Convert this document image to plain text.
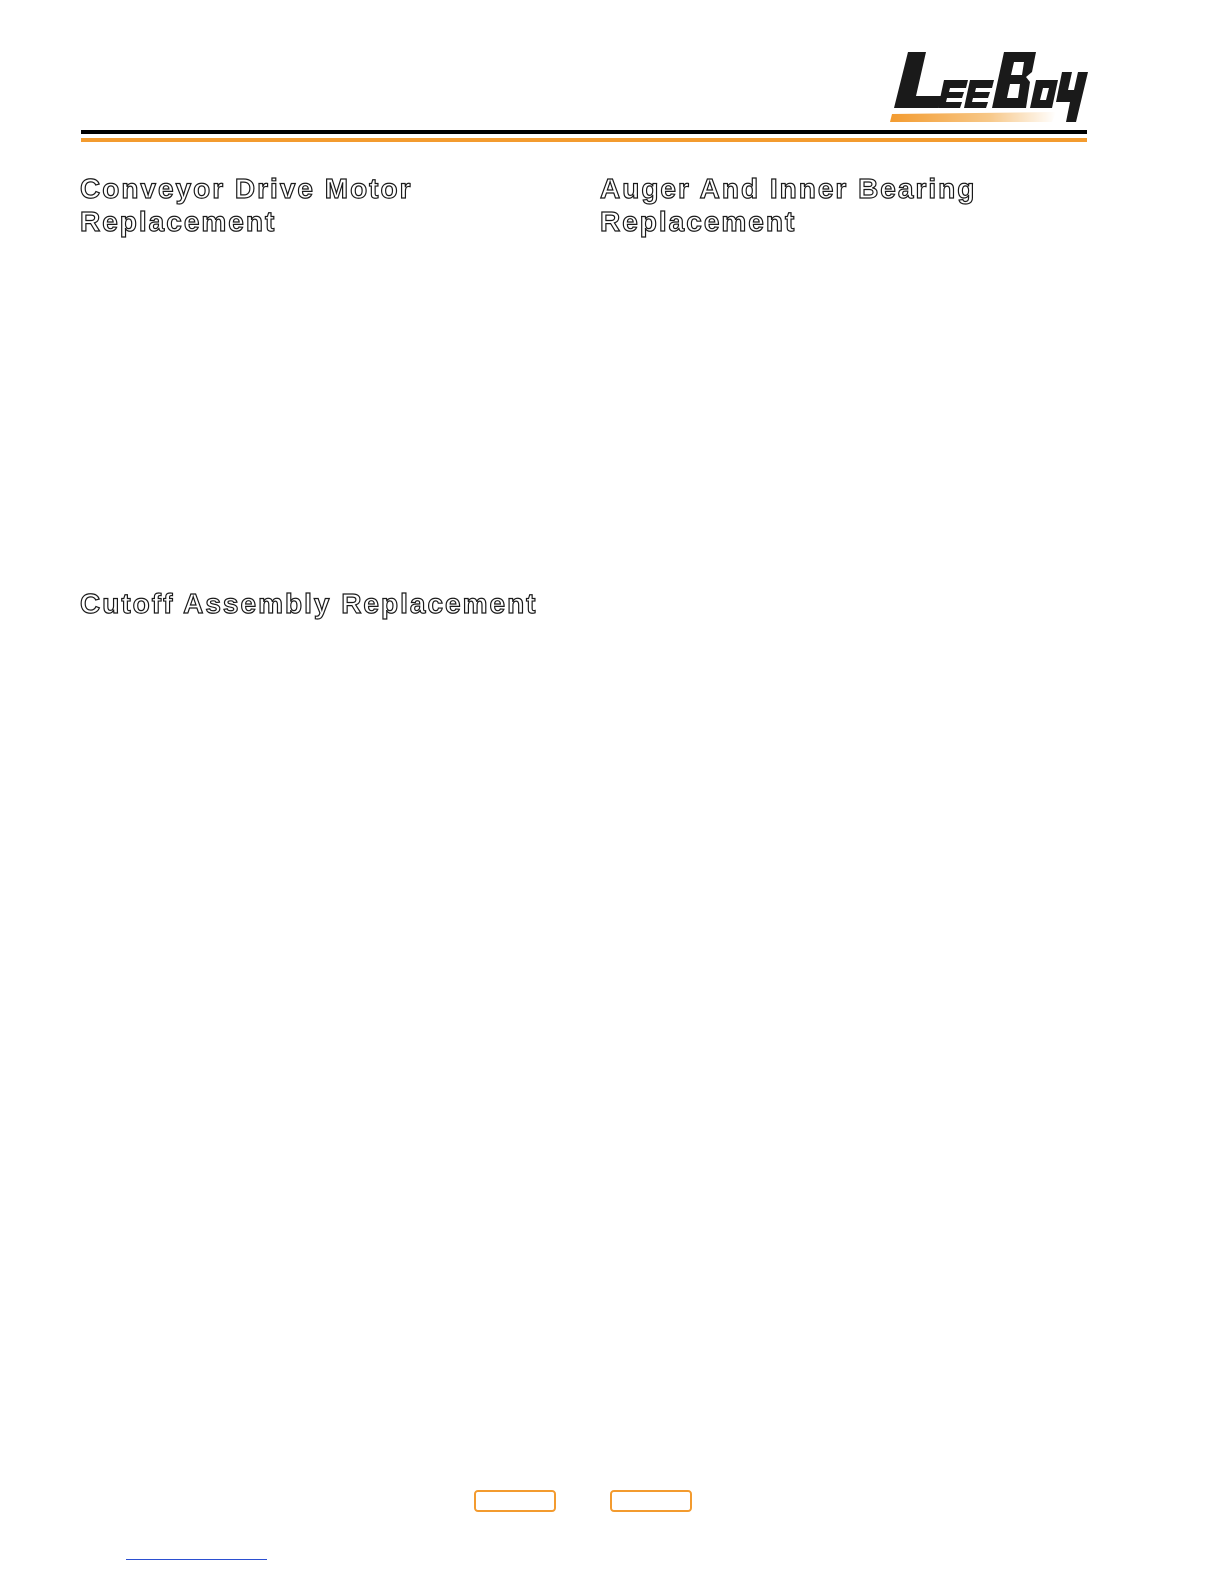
Conveyor Drive Motor Replacement
Auger And Inner Bearing Replacement
Cutoff Assembly Replacement
